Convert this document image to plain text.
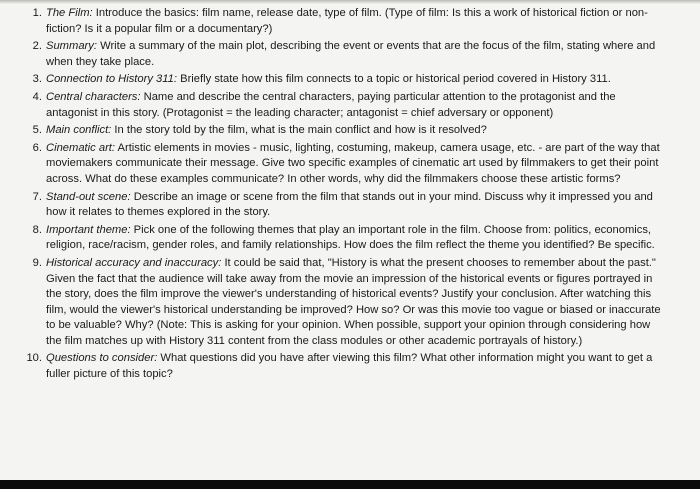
1. The Film: Introduce the basics: film name, release date, type of film. (Type of film: Is this a work of historical fiction or non-fiction? Is it a popular film or a documentary?)
2. Summary: Write a summary of the main plot, describing the event or events that are the focus of the film, stating where and when they take place.
3. Connection to History 311: Briefly state how this film connects to a topic or historical period covered in History 311.
4. Central characters: Name and describe the central characters, paying particular attention to the protagonist and the antagonist in this story. (Protagonist = the leading character; antagonist = chief adversary or opponent)
5. Main conflict: In the story told by the film, what is the main conflict and how is it resolved?
6. Cinematic art: Artistic elements in movies - music, lighting, costuming, makeup, camera usage, etc. - are part of the way that moviemakers communicate their message. Give two specific examples of cinematic art used by filmmakers to get their point across. What do these examples communicate? In other words, why did the filmmakers choose these artistic forms?
7. Stand-out scene: Describe an image or scene from the film that stands out in your mind. Discuss why it impressed you and how it relates to themes explored in the story.
8. Important theme: Pick one of the following themes that play an important role in the film. Choose from: politics, economics, religion, race/racism, gender roles, and family relationships. How does the film reflect the theme you identified? Be specific.
9. Historical accuracy and inaccuracy: It could be said that, "History is what the present chooses to remember about the past." Given the fact that the audience will take away from the movie an impression of the historical events or figures portrayed in the story, does the film improve the viewer's understanding of historical events? Justify your conclusion. After watching this film, would the viewer's historical understanding be improved? How so? Or was this movie too vague or biased or inaccurate to be valuable? Why? (Note: This is asking for your opinion. When possible, support your opinion through considering how the film matches up with History 311 content from the class modules or other academic portrayals of history.)
10. Questions to consider: What questions did you have after viewing this film? What other information might you want to get a fuller picture of this topic?
